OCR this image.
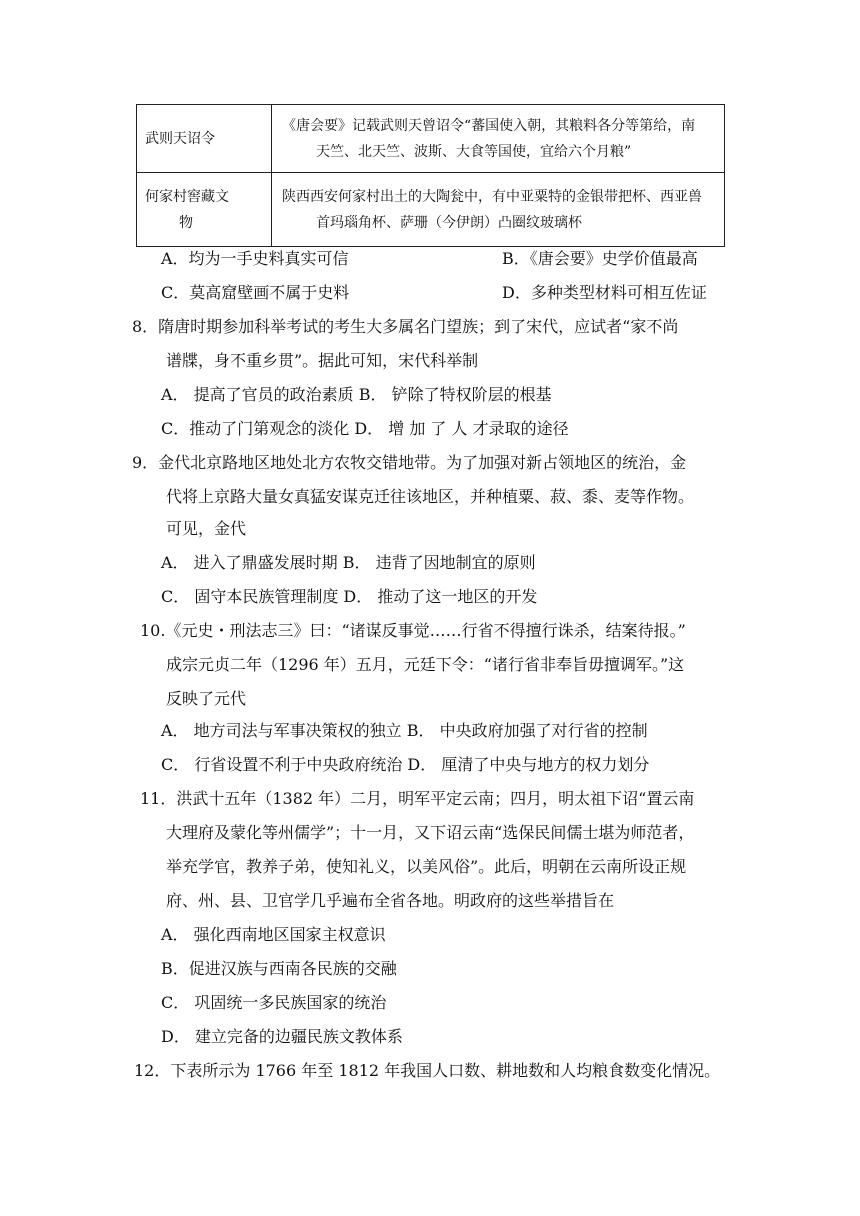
武则天诏令	《唐会要》记载武则天曾诏令“蕃国使入朝，其粮料各分等第给，南
天竺、北天竺、波斯、大食等国使，宜给六个月粮”

何家村窖藏文
物	陕西西安何家村出土的大陶瓮中，有中亚粟特的金银带把杯、西亚兽
首玛瑙角杯、萨珊（今伊朗）凸圈纹玻璃杯
A．均为一手史料真实可信	B．《唐会要》史学价值最高
C．莫高窟壁画不属于史料	D．多种类型材料可相互佐证
8．隋唐时期参加科举考试的考生大多属名门望族；到了宋代，应试者“家不尚
谱牒，身不重乡贯”。据此可知，宋代科举制
A． 提高了官员的政治素质 B． 铲除了特权阶层的根基
C．推动了门第观念的淡化 D． 增 加 了 人 才录取的途径
9．金代北京路地区地处北方农牧交错地带。为了加强对新占领地区的统治，金
代将上京路大量女真猛安谋克迁往该地区，并种植粟、菽、黍、麦等作物。
可见，金代
A． 进入了鼎盛发展时期 B． 违背了因地制宜的原则
C． 固守本民族管理制度 D． 推动了这一地区的开发
10.《元史・刑法志三》曰：“诸谋反事觉……行省不得擅行诛杀，结案待报。”
成宗元贞二年（1296 年）五月，元廷下令：“诸行省非奉旨毋擅调军。”这
反映了元代
A． 地方司法与军事决策权的独立 B． 中央政府加强了对行省的控制
C． 行省设置不利于中央政府统治 D． 厘清了中央与地方的权力划分
11．洪武十五年（1382 年）二月，明军平定云南；四月，明太祖下诏“置云南
大理府及蒙化等州儒学”；十一月，又下诏云南“选保民间儒士堪为师范者，
举充学官，教养子弟，使知礼义，以美风俗”。此后，明朝在云南所设正规
府、州、县、卫官学几乎遍布全省各地。明政府的这些举措旨在
A． 强化西南地区国家主权意识
B．促进汉族与西南各民族的交融
C． 巩固统一多民族国家的统治
D． 建立完备的边疆民族文教体系
12．下表所示为 1766 年至 1812 年我国人口数、耕地数和人均粮食数变化情况。
